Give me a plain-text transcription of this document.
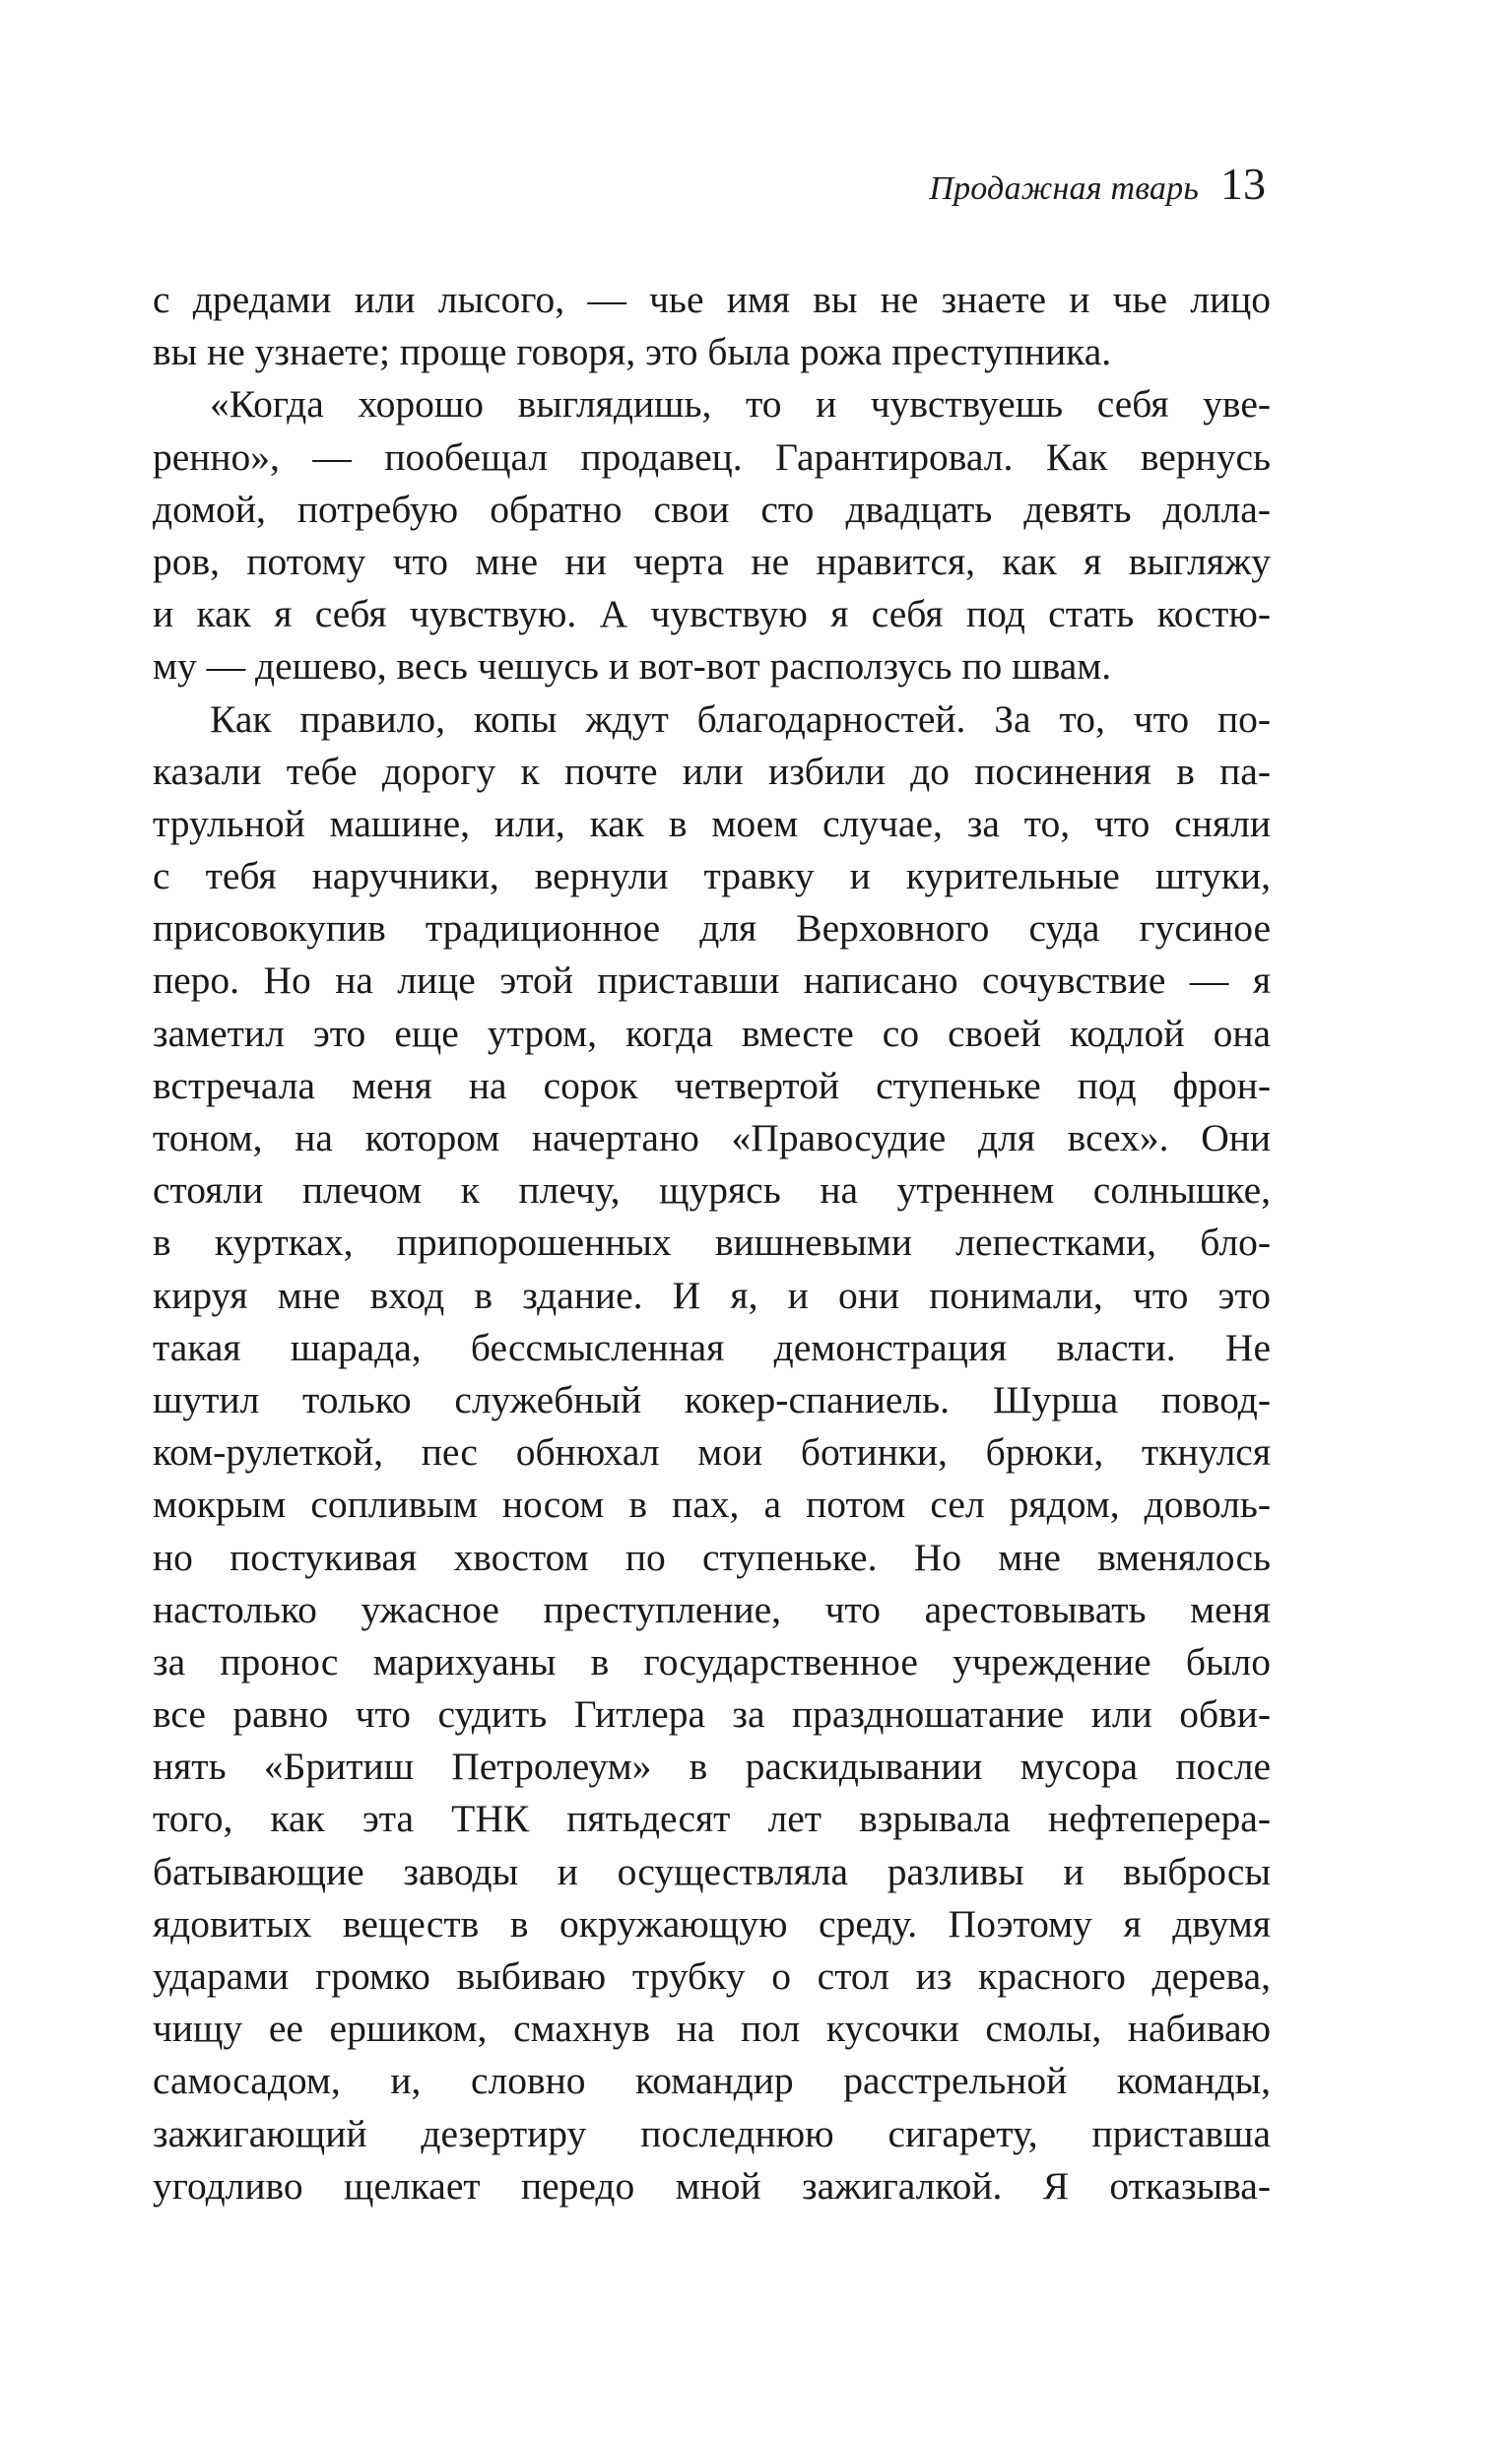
Продажная тварь 13
с дредами или лысого, — чье имя вы не знаете и чье лицо
вы не узнаете; проще говоря, это была рожа преступника.
«Когда хорошо выглядишь, то и чувствуешь себя уве-
ренно», — пообещал продавец. Гарантировал. Как вернусь
домой, потребую обратно свои сто двадцать девять долла-
ров, потому что мне ни черта не нравится, как я выгляжу
и как я себя чувствую. А чувствую я себя под стать костю-
му — дешево, весь чешусь и вот-вот расползусь по швам.
Как правило, копы ждут благодарностей. За то, что по-
казали тебе дорогу к почте или избили до посинения в па-
трульной машине, или, как в моем случае, за то, что сняли
с тебя наручники, вернули травку и курительные штуки,
присовокупив традиционное для Верховного суда гусиное
перо. Но на лице этой приставши написано сочувствие — я
заметил это еще утром, когда вместе со своей кодлой она
встречала меня на сорок четвертой ступеньке под фрон-
тоном, на котором начертано «Правосудие для всех». Они
стояли плечом к плечу, щурясь на утреннем солнышке,
в куртках, припорошенных вишневыми лепестками, бло-
кируя мне вход в здание. И я, и они понимали, что это
такая шарада, бессмысленная демонстрация власти. Не
шутил только служебный кокер-спаниель. Шурша повод-
ком-рулеткой, пес обнюхал мои ботинки, брюки, ткнулся
мокрым сопливым носом в пах, а потом сел рядом, доволь-
но постукивая хвостом по ступеньке. Но мне вменялось
настолько ужасное преступление, что арестовывать меня
за пронос марихуаны в государственное учреждение было
все равно что судить Гитлера за праздношатание или обви-
нять «Бритиш Петролеум» в раскидывании мусора после
того, как эта ТНК пятьдесят лет взрывала нефтеперера-
батывающие заводы и осуществляла разливы и выбросы
ядовитых веществ в окружающую среду. Поэтому я двумя
ударами громко выбиваю трубку о стол из красного дерева,
чищу ее ершиком, смахнув на пол кусочки смолы, набиваю
самосадом, и, словно командир расстрельной команды,
зажигающий дезертиру последнюю сигарету, приставша
угодливо щелкает передо мной зажигалкой. Я отказыва-
